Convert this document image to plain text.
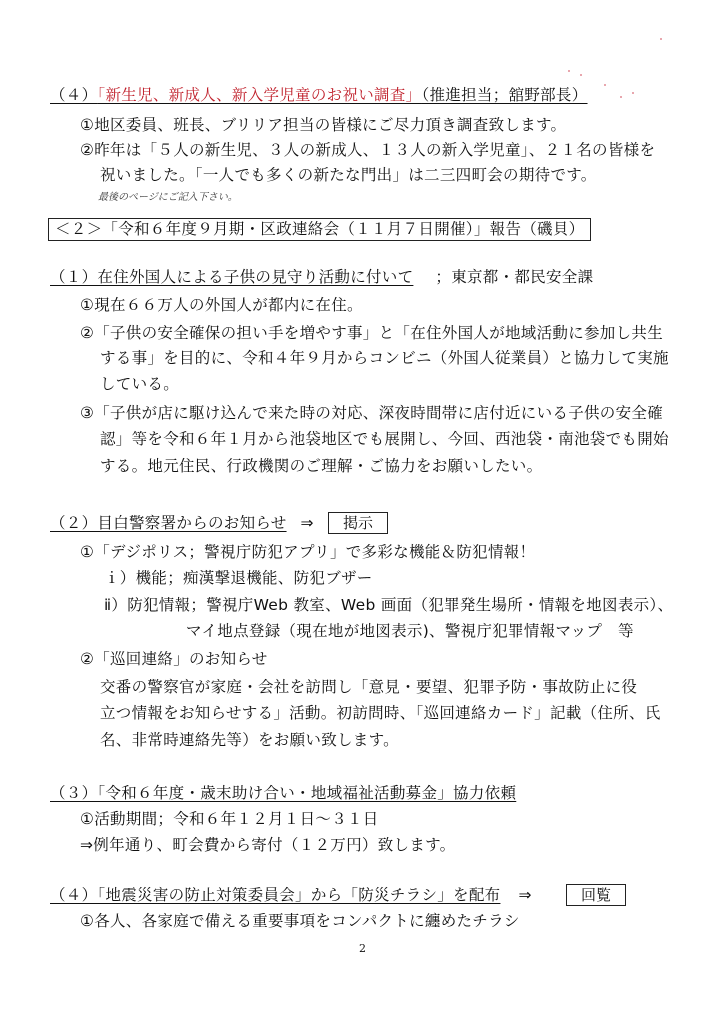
（４）「新生児、新成人、新入学児童のお祝い調査」（推進担当；舘野部長）
①地区委員、班長、ブリリア担当の皆様にご尽力頂き調査致します。
②昨年は「５人の新生児、３人の新成人、１３人の新入学児童」、２１名の皆様を
祝いました。「一人でも多くの新たな門出」は二三四町会の期待です。
最後のページにご記入下さい。
＜２＞「令和６年度９月期・区政連絡会（１１月７日開催）」報告（磯貝）
（１）在住外国人による子供の見守り活動に付いて ；東京都・都民安全課
①現在６６万人の外国人が都内に在住。
②「子供の安全確保の担い手を増やす事」と「在住外国人が地域活動に参加し共生
する事」を目的に、令和４年９月からコンビニ（外国人従業員）と協力して実施
している。
③「子供が店に駆け込んで来た時の対応、深夜時間帯に店付近にいる子供の安全確
認」等を令和６年１月から池袋地区でも展開し、今回、西池袋・南池袋でも開始
する。地元住民、行政機関のご理解・ご協力をお願いしたい。
（２）目白警察署からのお知らせ ⇒	掲示
①「デジポリス；警視庁防犯アプリ」で多彩な機能＆防犯情報！
ｉ）機能；痴漢撃退機能、防犯ブザー
ⅱ）防犯情報；警視庁Web 教室、Web 画面（犯罪発生場所・情報を地図表示）、
マイ地点登録（現在地が地図表示)、警視庁犯罪情報マップ　等
②「巡回連絡」のお知らせ
交番の警察官が家庭・会社を訪問し「意見・要望、犯罪予防・事故防止に役
立つ情報をお知らせする」活動。初訪問時、「巡回連絡カード」記載（住所、氏
名、非常時連絡先等）をお願い致します。
（３）「令和６年度・歳末助け合い・地域福祉活動募金」協力依頼
①活動期間；令和６年１２月１日～３１日
⇒例年通り、町会費から寄付（１２万円）致します。
（４）「地震災害の防止対策委員会」から「防災チラシ」を配布 ⇒	回覧
①各人、各家庭で備える重要事項をコンパクトに纏めたチラシ
2
